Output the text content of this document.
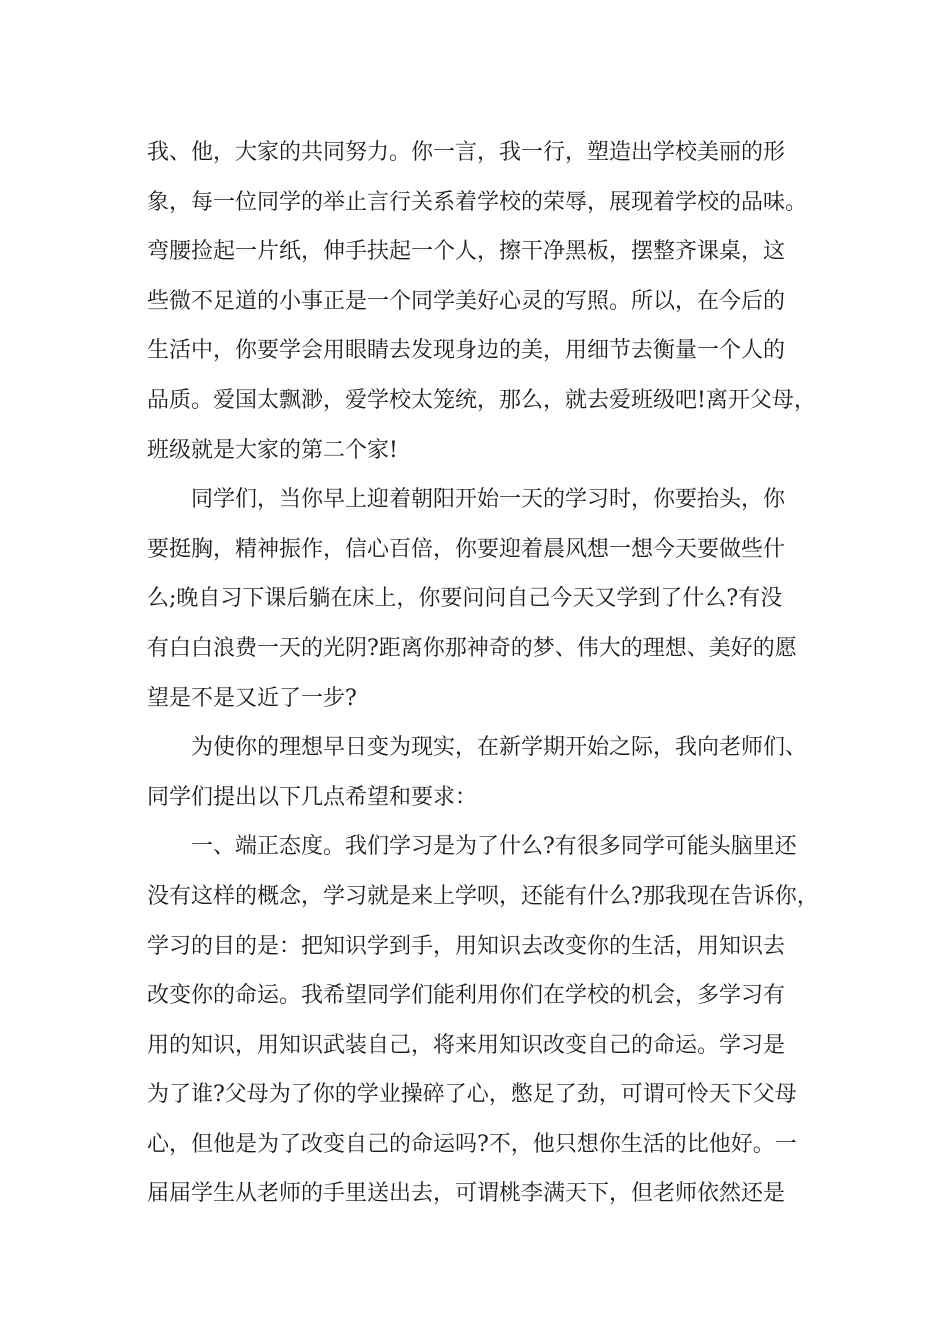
我、他，大家的共同努力。你一言，我一行，塑造出学校美丽的形
象，每一位同学的举止言行关系着学校的荣辱，展现着学校的品味。
弯腰捡起一片纸，伸手扶起一个人，擦干净黑板，摆整齐课桌，这
些微不足道的小事正是一个同学美好心灵的写照。所以，在今后的
生活中，你要学会用眼睛去发现身边的美，用细节去衡量一个人的
品质。爱国太飘渺，爱学校太笼统，那么，就去爱班级吧!离开父母，
班级就是大家的第二个家!
同学们，当你早上迎着朝阳开始一天的学习时，你要抬头，你
要挺胸，精神振作，信心百倍，你要迎着晨风想一想今天要做些什
么;晚自习下课后躺在床上，你要问问自己今天又学到了什么?有没
有白白浪费一天的光阴?距离你那神奇的梦、伟大的理想、美好的愿
望是不是又近了一步?
为使你的理想早日变为现实，在新学期开始之际，我向老师们、
同学们提出以下几点希望和要求：
一、端正态度。我们学习是为了什么?有很多同学可能头脑里还
没有这样的概念，学习就是来上学呗，还能有什么?那我现在告诉你，
学习的目的是：把知识学到手，用知识去改变你的生活，用知识去
改变你的命运。我希望同学们能利用你们在学校的机会，多学习有
用的知识，用知识武装自己，将来用知识改变自己的命运。学习是
为了谁?父母为了你的学业操碎了心，憋足了劲，可谓可怜天下父母
心，但他是为了改变自己的命运吗?不，他只想你生活的比他好。一
届届学生从老师的手里送出去，可谓桃李满天下，但老师依然还是
